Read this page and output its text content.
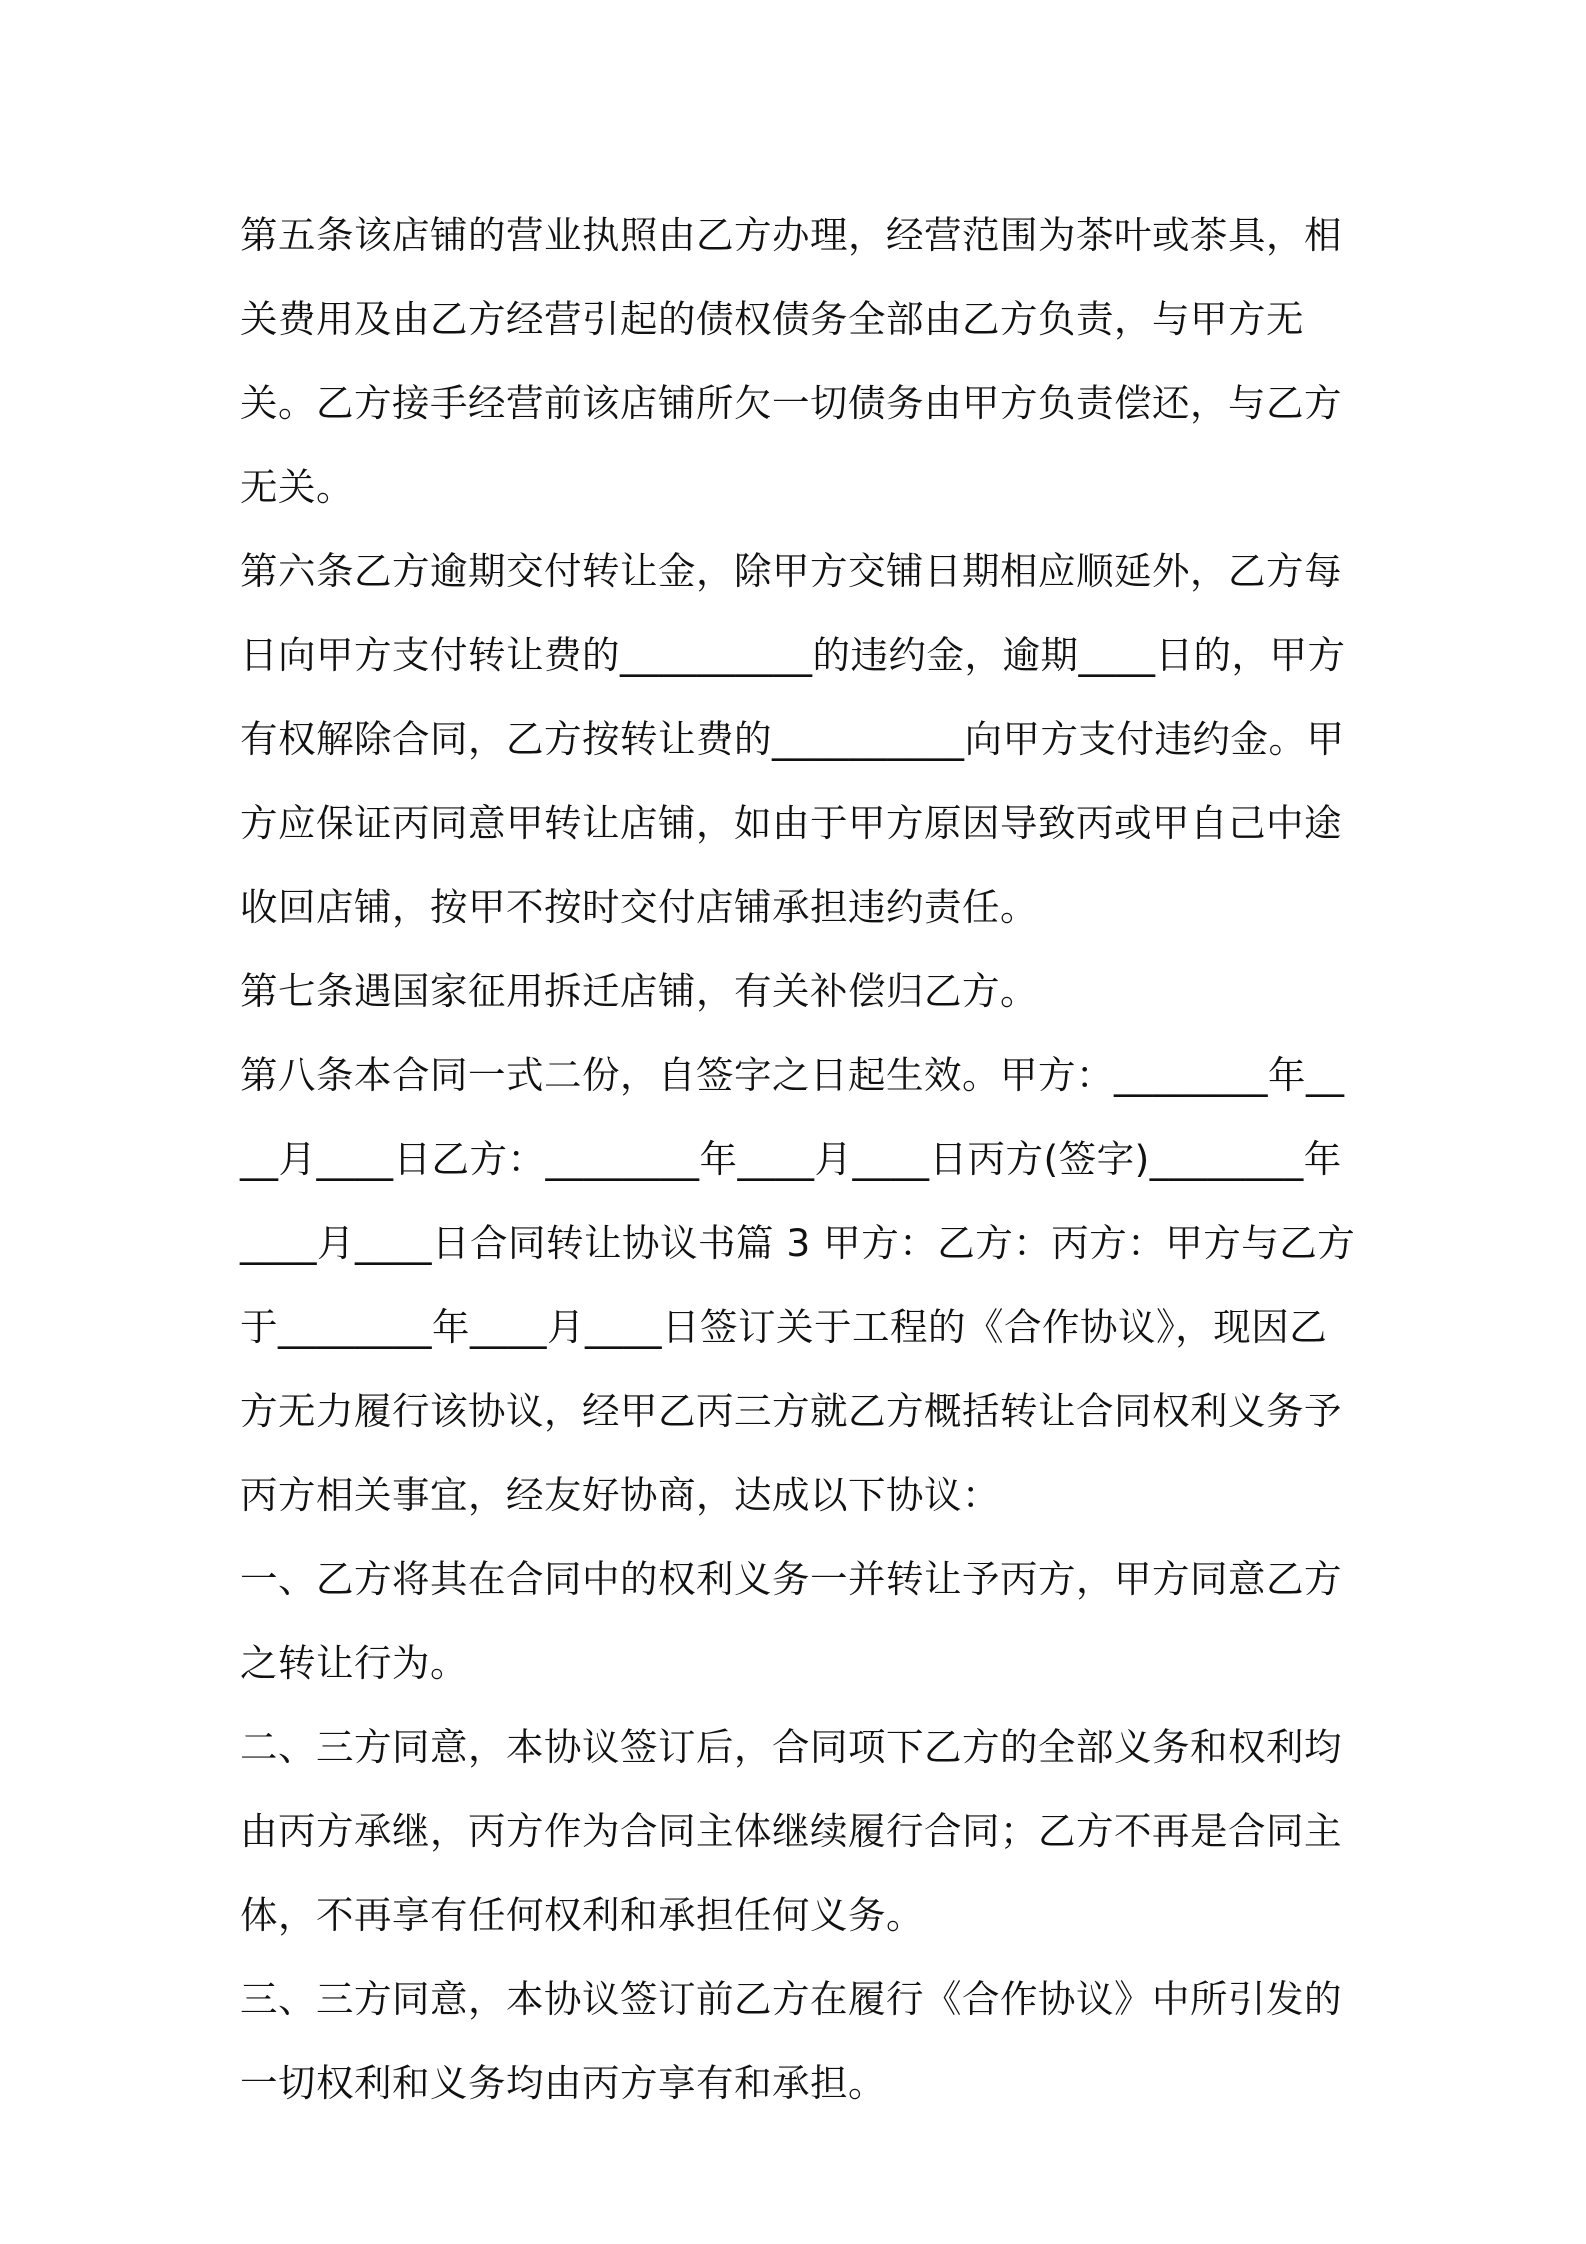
第五条该店铺的营业执照由乙方办理，经营范围为茶叶或茶具，相关费用及由乙方经营引起的债权债务全部由乙方负责，与甲方无关。乙方接手经营前该店铺所欠一切债务由甲方负责偿还，与乙方无关。

第六条乙方逾期交付转让金，除甲方交铺日期相应顺延外，乙方每日向甲方支付转让费的__________的违约金，逾期____日的，甲方有权解除合同，乙方按转让费的__________向甲方支付违约金。甲方应保证丙同意甲转让店铺，如由于甲方原因导致丙或甲自己中途收回店铺，按甲不按时交付店铺承担违约责任。

第七条遇国家征用拆迁店铺，有关补偿归乙方。

第八条本合同一式二份，自签字之日起生效。甲方：________年____月____日乙方：________年____月____日丙方(签字)________年____月____日合同转让协议书篇 3 甲方：乙方：丙方：甲方与乙方于________年____月____日签订关于工程的《合作协议》，现因乙方无力履行该协议，经甲乙丙三方就乙方概括转让合同权利义务予丙方相关事宜，经友好协商，达成以下协议：

一、乙方将其在合同中的权利义务一并转让予丙方，甲方同意乙方之转让行为。

二、三方同意，本协议签订后，合同项下乙方的全部义务和权利均由丙方承继，丙方作为合同主体继续履行合同；乙方不再是合同主体，不再享有任何权利和承担任何义务。

三、三方同意，本协议签订前乙方在履行《合作协议》中所引发的一切权利和义务均由丙方享有和承担。
